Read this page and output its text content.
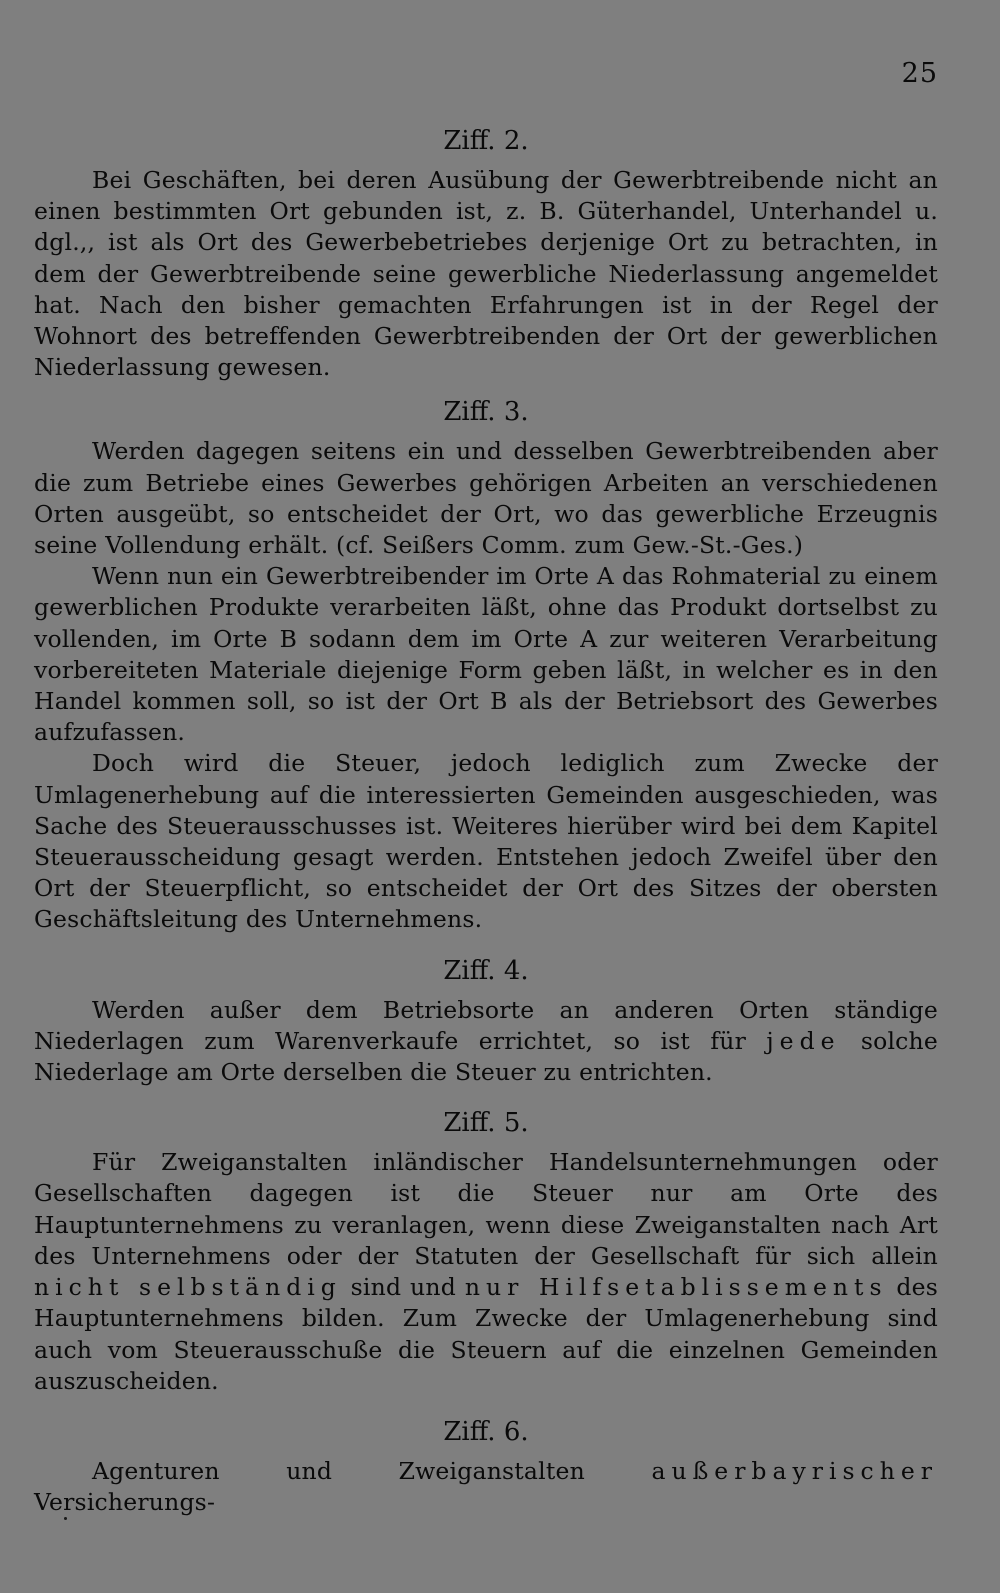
25
Ziff. 2.

Bei Geschäften, bei deren Ausübung der Gewerbtreibende nicht an einen bestimmten Ort gebunden ist, z. B. Güterhandel, Unterhandel u. dgl.,, ist als Ort des Gewerbebetriebes derjenige Ort zu betrachten, in dem der Gewerbtreibende seine gewerbliche Niederlassung angemeldet hat. Nach den bisher gemachten Erfahrungen ist in der Regel der Wohnort des betreffenden Gewerbtreibenden der Ort der gewerblichen Niederlassung gewesen.

Ziff. 3.

Werden dagegen seitens ein und desselben Gewerbtreibenden aber die zum Betriebe eines Gewerbes gehörigen Arbeiten an verschiedenen Orten ausgeübt, so entscheidet der Ort, wo das gewerbliche Erzeugnis seine Vollendung erhält. (cf. Seißers Comm. zum Gew.-St.-Ges.)

Wenn nun ein Gewerbtreibender im Orte A das Rohmaterial zu einem gewerblichen Produkte verarbeiten läßt, ohne das Produkt dortselbst zu vollenden, im Orte B sodann dem im Orte A zur weiteren Verarbeitung vorbereiteten Materiale diejenige Form geben läßt, in welcher es in den Handel kommen soll, so ist der Ort B als der Betriebsort des Gewerbes aufzufassen.

Doch wird die Steuer, jedoch lediglich zum Zwecke der Umlagenerhebung auf die interessierten Gemeinden ausgeschieden, was Sache des Steuerausschusses ist. Weiteres hierüber wird bei dem Kapitel Steuerausscheidung gesagt werden. Entstehen jedoch Zweifel über den Ort der Steuerpflicht, so entscheidet der Ort des Sitzes der obersten Geschäftsleitung des Unternehmens.

Ziff. 4.

Werden außer dem Betriebsorte an anderen Orten ständige Niederlagen zum Warenverkaufe errichtet, so ist für jede solche Niederlage am Orte derselben die Steuer zu entrichten.

Ziff. 5.

Für Zweiganstalten inländischer Handelsunternehmungen oder Gesellschaften dagegen ist die Steuer nur am Orte des Hauptunternehmens zu veranlagen, wenn diese Zweiganstalten nach Art des Unternehmens oder der Statuten der Gesellschaft für sich allein nicht selbständig sind und nur Hilfsetablissements des Hauptunternehmens bilden. Zum Zwecke der Umlagenerhebung sind auch vom Steuerausschuße die Steuern auf die einzelnen Gemeinden auszuscheiden.

Ziff. 6.

Agenturen und Zweiganstalten außerbayrischer Versicherungs-
